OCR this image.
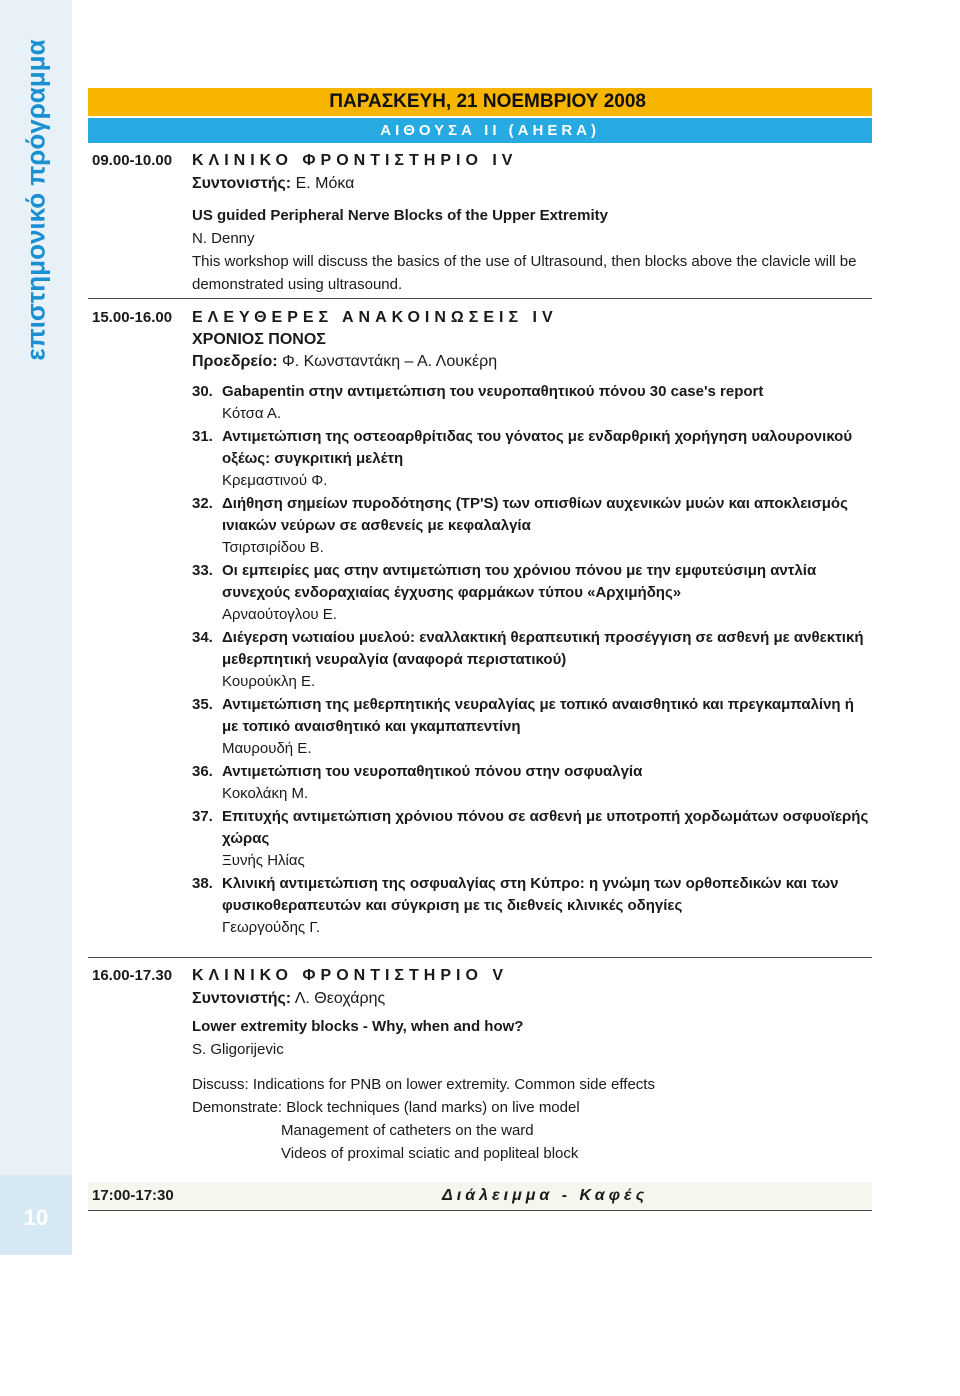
επιστημονικό πρόγραμμα
10
ΠΑΡΑΣΚΕΥΗ, 21 ΝΟΕΜΒΡΙΟΥ 2008
ΑΙΘΟΥΣΑ ΙΙ (AHERA)
09.00-10.00 ΚΛΙΝΙΚΟ ΦΡΟΝΤΙΣΤΗΡΙΟ ΙV
Συντονιστής: Ε. Μόκα
US guided Peripheral Nerve Blocks of the Upper Extremity
N. Denny
This workshop will discuss the basics of the use of Ultrasound, then blocks above the clavicle will be
demonstrated using ultrasound.
15.00-16.00 ΕΛΕΥΘΕΡΕΣ ΑΝΑΚΟΙΝΩΣΕΙΣ ΙV
ΧΡΟΝΙΟΣ ΠΟΝΟΣ
Προεδρείο: Φ. Κωνσταντάκη – Α. Λουκέρη
30. Gabapentin στην αντιμετώπιση του νευροπαθητικού πόνου 30 case's report
Κότσα Α.
31. Αντιμετώπιση της οστεοαρθρίτιδας του γόνατος με ενδαρθρική χορήγηση υαλουρονικού
οξέως: συγκριτική μελέτη
Κρεμαστινού Φ.
32. Διήθηση σημείων πυροδότησης (TP'S) των οπισθίων αυχενικών μυών και αποκλεισμός
ινιακών νεύρων σε ασθενείς με κεφαλαλγία
Τσιρτσιρίδου Β.
33. Οι εμπειρίες μας στην αντιμετώπιση του χρόνιου πόνου με την εμφυτεύσιμη αντλία
συνεχούς ενδοραχιαίας έγχυσης φαρμάκων τύπου «Αρχιμήδης»
Αρναούτογλου Ε.
34. Διέγερση νωτιαίου μυελού: εναλλακτική θεραπευτική προσέγγιση σε ασθενή με ανθεκτική
μεθερπητική νευραλγία (αναφορά περιστατικού)
Κουρούκλη Ε.
35. Αντιμετώπιση της μεθερπητικής νευραλγίας με τοπικό αναισθητικό και πρεγκαμπαλίνη ή
με τοπικό αναισθητικό και γκαμπαπεντίνη
Μαυρουδή Ε.
36. Αντιμετώπιση του νευροπαθητικού πόνου στην οσφυαλγία
Κοκολάκη Μ.
37. Επιτυχής αντιμετώπιση χρόνιου πόνου σε ασθενή με υποτροπή χορδωμάτων οσφυοϊερής
χώρας
Ξυνής Ηλίας
38. Κλινική αντιμετώπιση της οσφυαλγίας στη Κύπρο: η γνώμη των ορθοπεδικών και των
φυσικοθεραπευτών και σύγκριση με τις διεθνείς κλινικές οδηγίες
Γεωργούδης Γ.
16.00-17.30 ΚΛΙΝΙΚΟ ΦΡΟΝΤΙΣΤΗΡΙΟ V
Συντονιστής: Λ. Θεοχάρης
Lower extremity blocks - Why, when and how?
S. Gligorijevic
Discuss: Indications for PNB on lower extremity. Common side effects
Demonstrate: Block techniques (land marks) on live model
Management of catheters on the ward
Videos of proximal sciatic and popliteal block
17:00-17:30	Διάλειμμα - Καφές
